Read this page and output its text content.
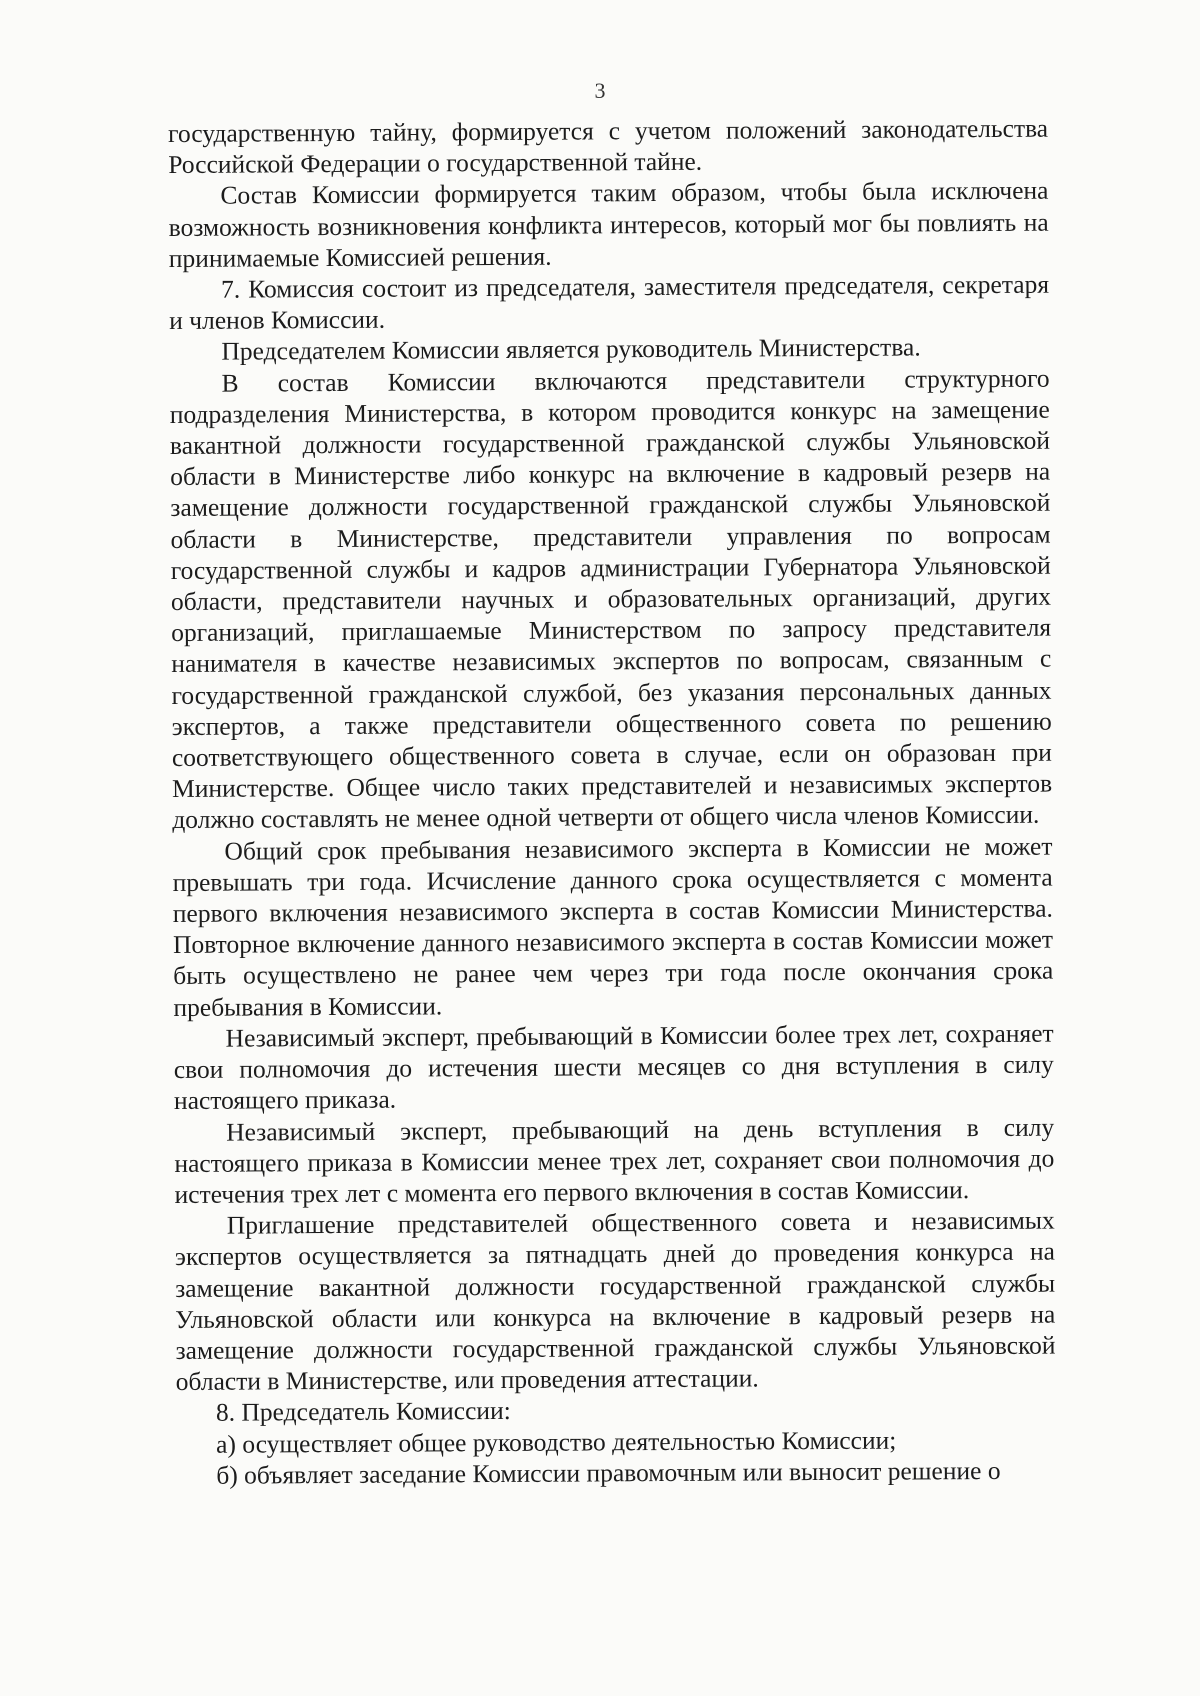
3

государственную тайну, формируется с учетом положений законодательства Российской Федерации о государственной тайне.

Состав Комиссии формируется таким образом, чтобы была исключена возможность возникновения конфликта интересов, который мог бы повлиять на принимаемые Комиссией решения.

7. Комиссия состоит из председателя, заместителя председателя, секретаря и членов Комиссии.

Председателем Комиссии является руководитель Министерства.

В состав Комиссии включаются представители структурного подразделения Министерства, в котором проводится конкурс на замещение вакантной должности государственной гражданской службы Ульяновской области в Министерстве либо конкурс на включение в кадровый резерв на замещение должности государственной гражданской службы Ульяновской области в Министерстве, представители управления по вопросам государственной службы и кадров администрации Губернатора Ульяновской области, представители научных и образовательных организаций, других организаций, приглашаемые Министерством по запросу представителя нанимателя в качестве независимых экспертов по вопросам, связанным с государственной гражданской службой, без указания персональных данных экспертов, а также представители общественного совета по решению соответствующего общественного совета в случае, если он образован при Министерстве. Общее число таких представителей и независимых экспертов должно составлять не менее одной четверти от общего числа членов Комиссии.

Общий срок пребывания независимого эксперта в Комиссии не может превышать три года. Исчисление данного срока осуществляется с момента первого включения независимого эксперта в состав Комиссии Министерства. Повторное включение данного независимого эксперта в состав Комиссии может быть осуществлено не ранее чем через три года после окончания срока пребывания в Комиссии.

Независимый эксперт, пребывающий в Комиссии более трех лет, сохраняет свои полномочия до истечения шести месяцев со дня вступления в силу настоящего приказа.

Независимый эксперт, пребывающий на день вступления в силу настоящего приказа в Комиссии менее трех лет, сохраняет свои полномочия до истечения трех лет с момента его первого включения в состав Комиссии.

Приглашение представителей общественного совета и независимых экспертов осуществляется за пятнадцать дней до проведения конкурса на замещение вакантной должности государственной гражданской службы Ульяновской области или конкурса на включение в кадровый резерв на замещение должности государственной гражданской службы Ульяновской области в Министерстве, или проведения аттестации.

8. Председатель Комиссии:

а) осуществляет общее руководство деятельностью Комиссии;

б) объявляет заседание Комиссии правомочным или выносит решение о
